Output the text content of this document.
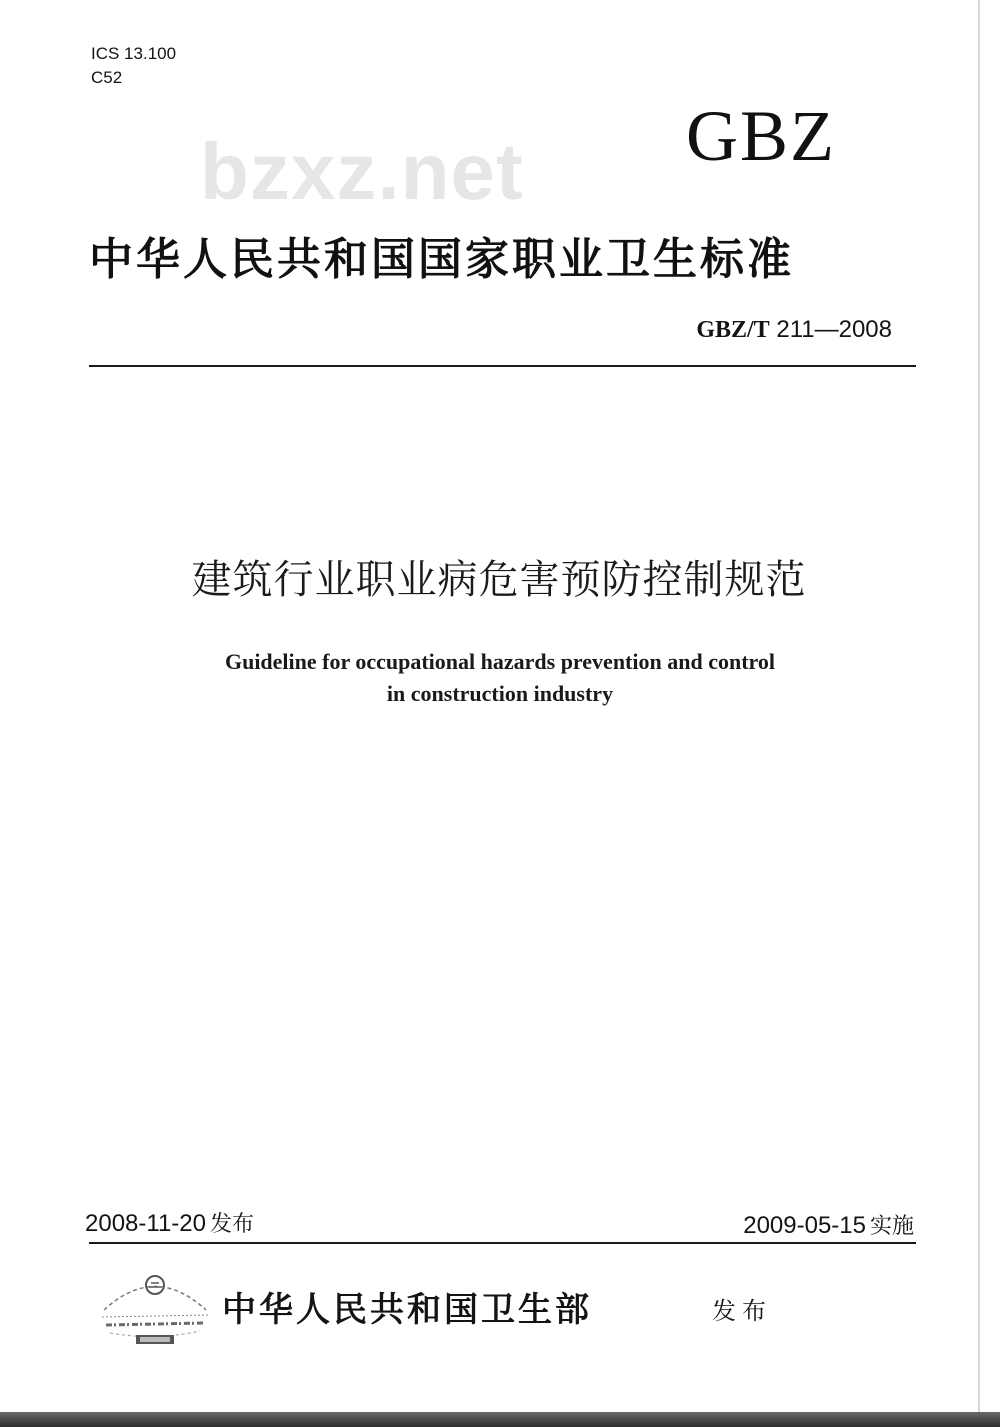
ICS 13.100
C52
bzxz.net GBZ
中华人民共和国国家职业卫生标准
GBZ/T 211—2008
建筑行业职业病危害预防控制规范
Guideline for occupational hazards prevention and control
in construction industry
2008-11-20 发布	2009-05-15 实施
中华人民共和国卫生部	发布
